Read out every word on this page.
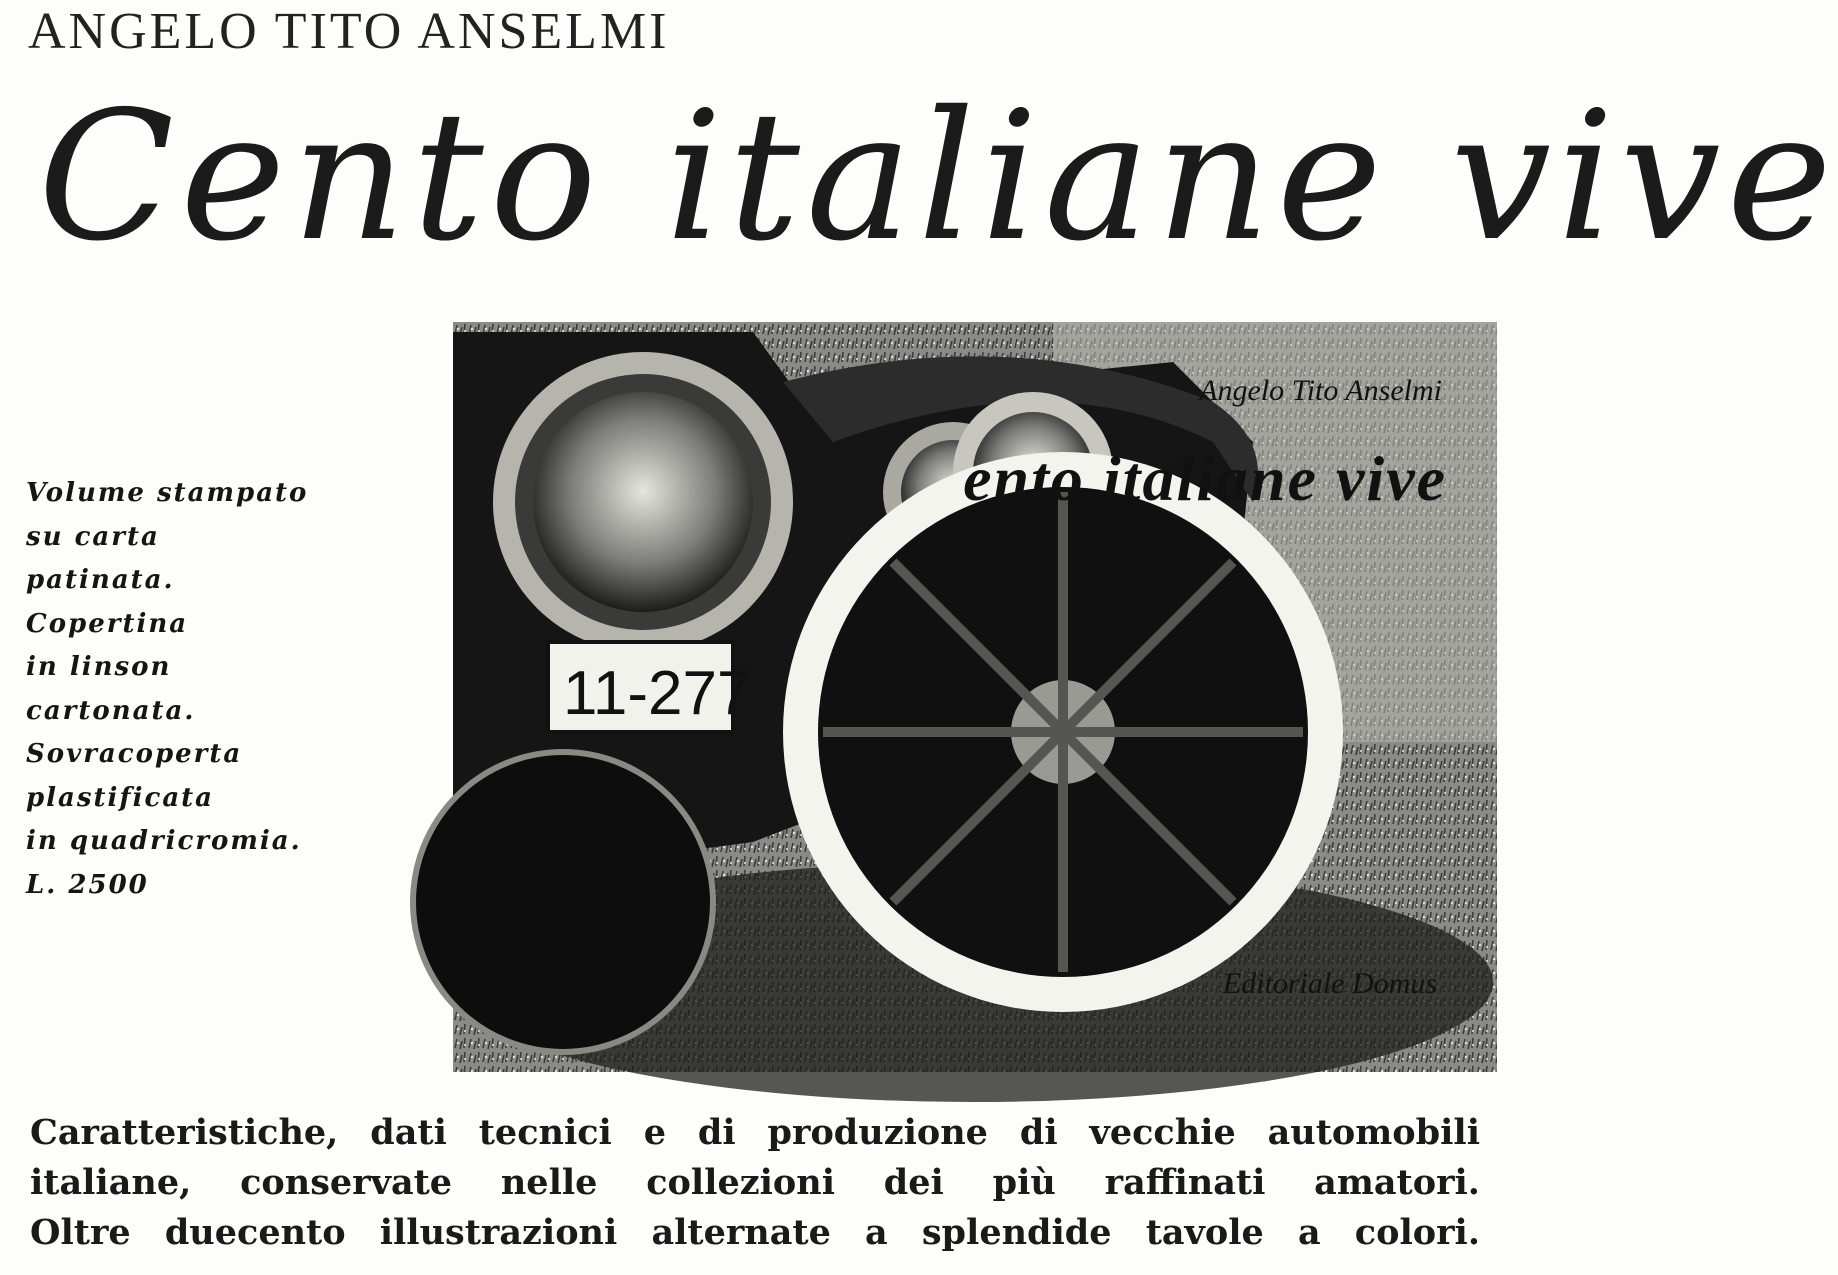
ANGELO TITO ANSELMI
Cento italiane vive
Volume stampato
su carta
patinata.
Copertina
in linson
cartonata.
Sovracoperta
plastificata
in quadricromia.
L. 2500
11-277
Angelo Tito Anselmi
ento italiane vive
Editoriale Domus
Caratteristiche, dati tecnici e di produzione di vecchie automobili
italiane, conservate nelle collezioni dei più raffinati amatori.
Oltre duecento illustrazioni alternate a splendide tavole a colori.
